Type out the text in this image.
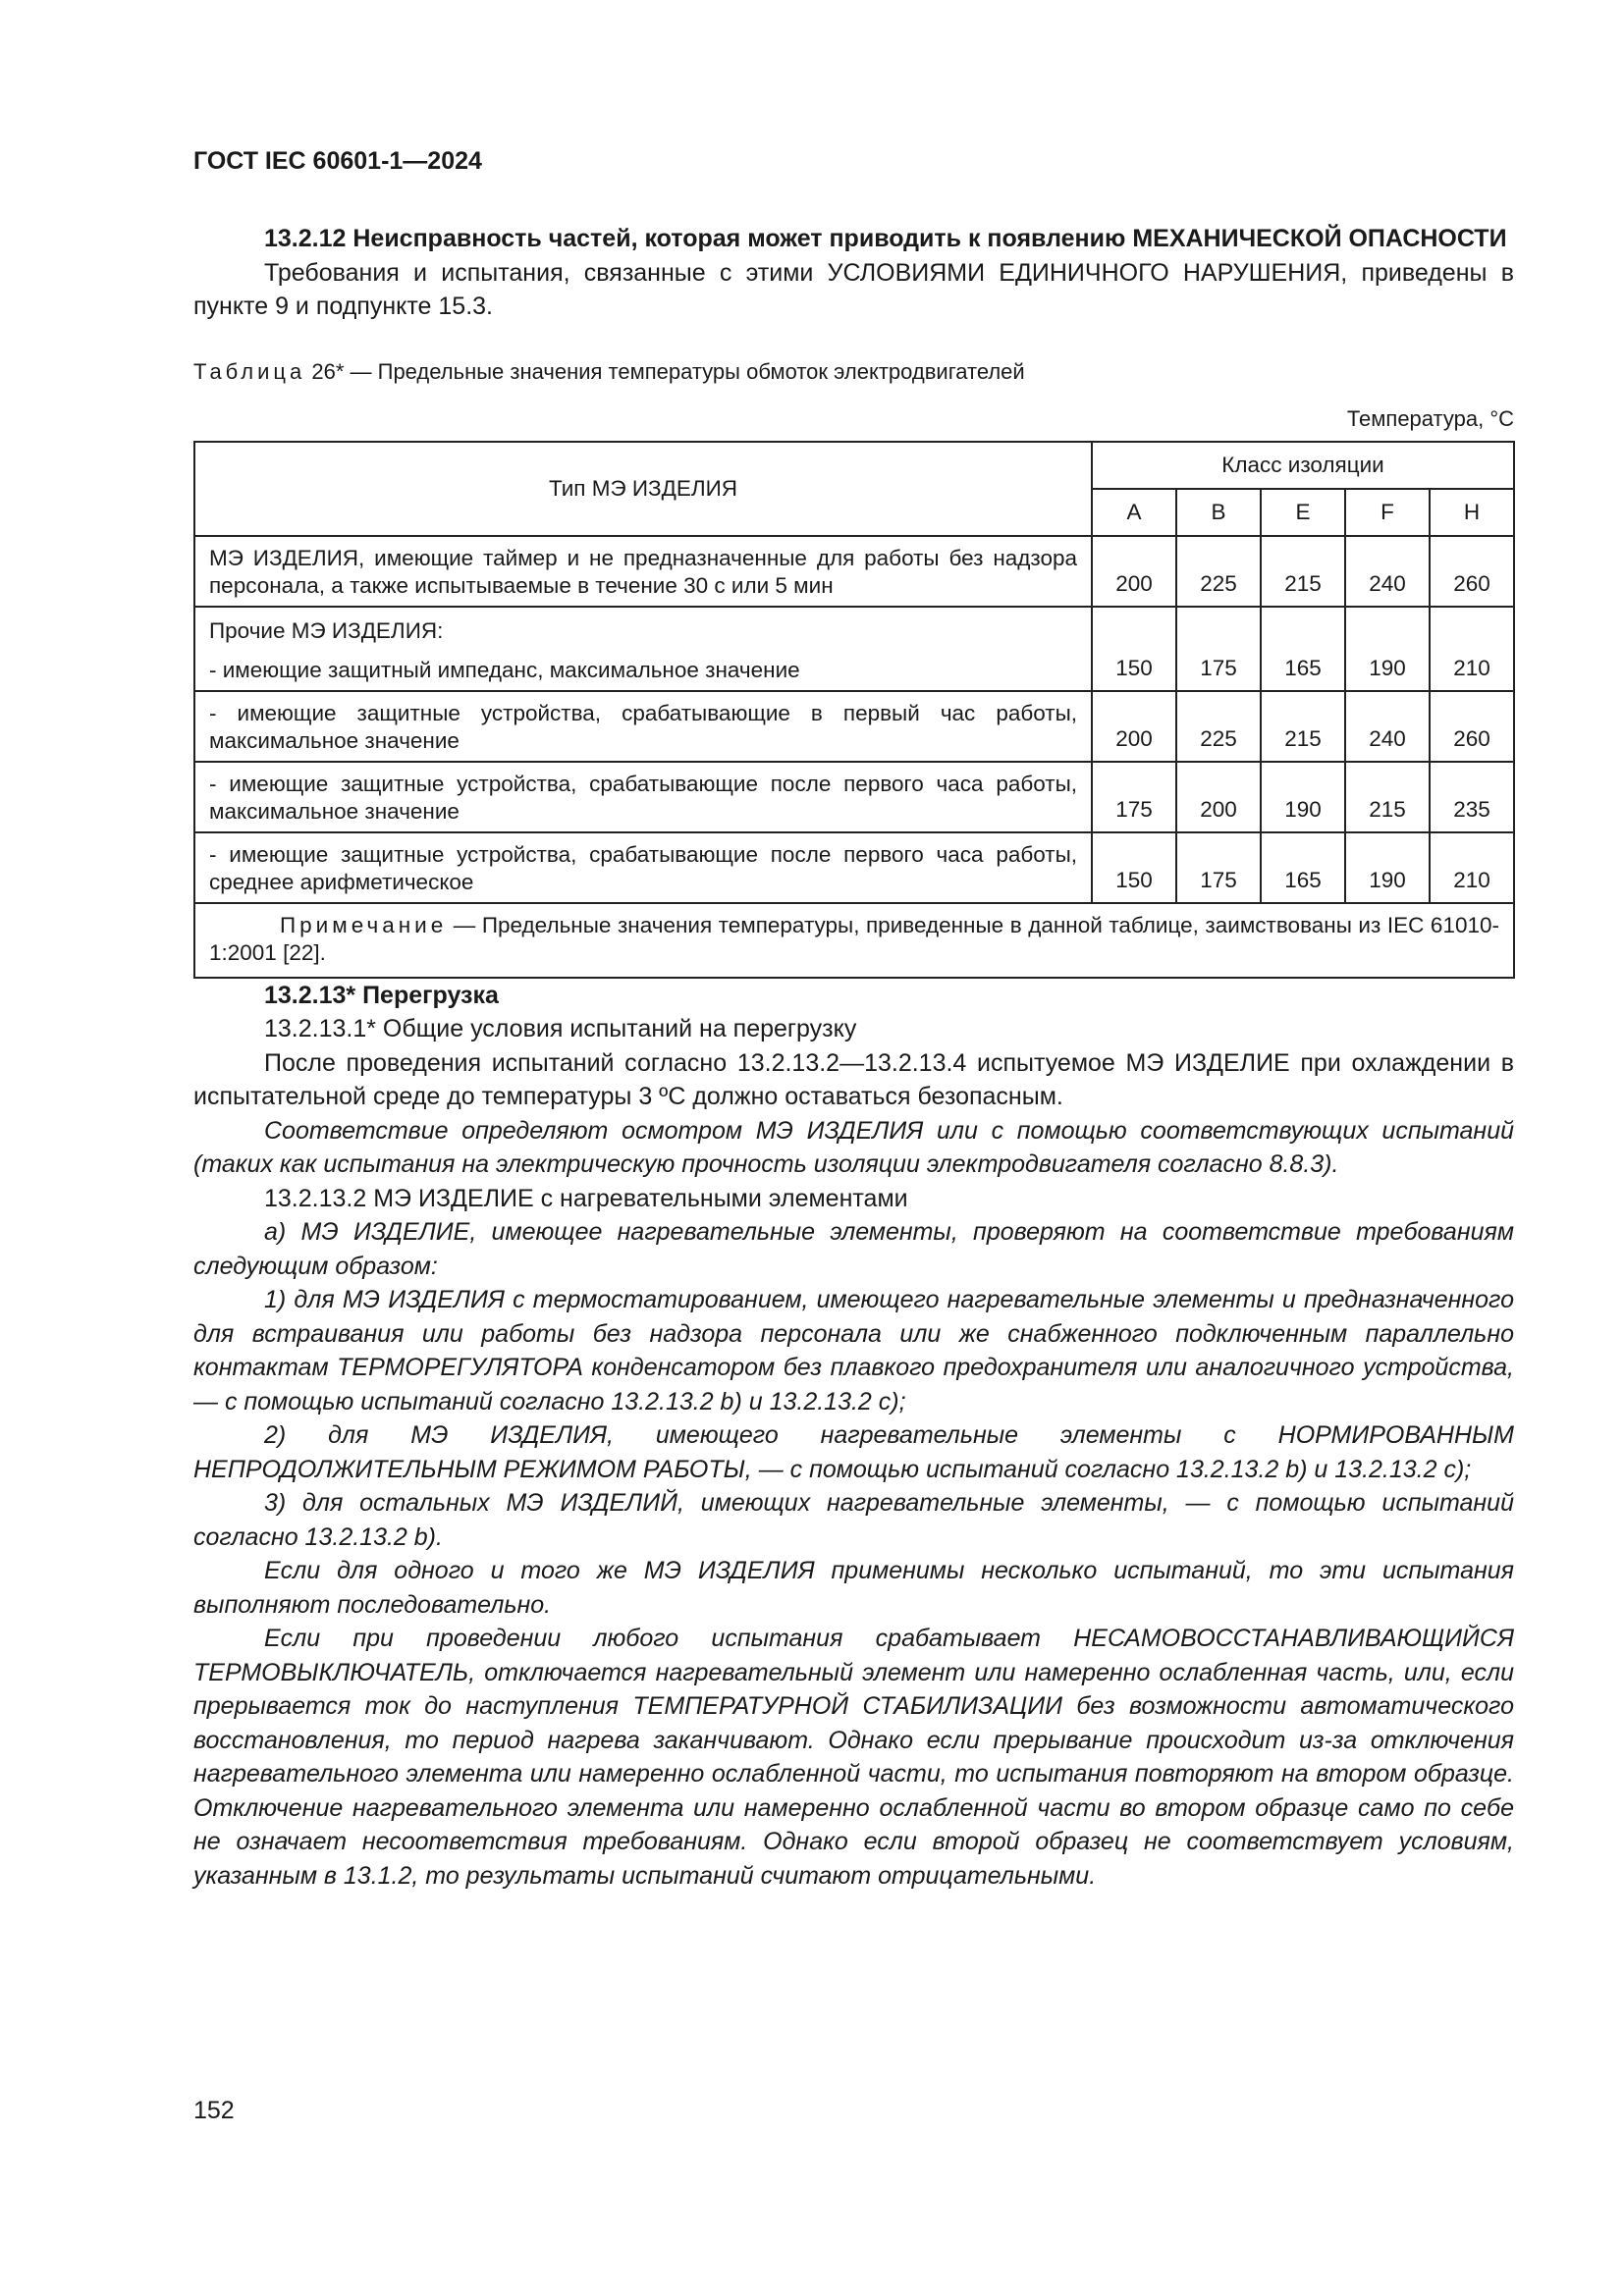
ГОСТ IEC 60601-1—2024

13.2.12 Неисправность частей, которая может приводить к появлению МЕХАНИЧЕСКОЙ ОПАСНОСТИ

Требования и испытания, связанные с этими УСЛОВИЯМИ ЕДИНИЧНОГО НАРУШЕНИЯ, приведены в пункте 9 и подпункте 15.3.

Таблица 26* — Предельные значения температуры обмоток электродвигателей
Температура, °С
Тип МЭ ИЗДЕЛИЯ	Класс изоляции				
	A	B	E	F	H
МЭ ИЗДЕЛИЯ, имеющие таймер и не предназначенные для работы без надзора персонала, а также испытываемые в течение 30 с или 5 мин	200	225	215	240	260
Прочие МЭ ИЗДЕЛИЯ:					
- имеющие защитный импеданс, максимальное значение	150	175	165	190	210
- имеющие защитные устройства, срабатывающие в первый час работы, максимальное значение	200	225	215	240	260
- имеющие защитные устройства, срабатывающие после первого часа работы, максимальное значение	175	200	190	215	235
- имеющие защитные устройства, срабатывающие после первого часа работы, среднее арифметическое	150	175	165	190	210

Примечание — Предельные значения температуры, приведенные в данной таблице, заимствованы из IEC 61010-1:2001 [22].					

13.2.13* Перегрузка

13.2.13.1* Общие условия испытаний на перегрузку

После проведения испытаний согласно 13.2.13.2—13.2.13.4 испытуемое МЭ ИЗДЕЛИЕ при охлаждении в испытательной среде до температуры 3 ºС должно оставаться безопасным.

Соответствие определяют осмотром МЭ ИЗДЕЛИЯ или с помощью соответствующих испытаний (таких как испытания на электрическую прочность изоляции электродвигателя согласно 8.8.3).

13.2.13.2 МЭ ИЗДЕЛИЕ с нагревательными элементами

а) МЭ ИЗДЕЛИЕ, имеющее нагревательные элементы, проверяют на соответствие требованиям следующим образом:

1) для МЭ ИЗДЕЛИЯ с термостатированием, имеющего нагревательные элементы и предназначенного для встраивания или работы без надзора персонала или же снабженного подключенным параллельно контактам ТЕРМОРЕГУЛЯТОРА конденсатором без плавкого предохранителя или аналогичного устройства, — с помощью испытаний согласно 13.2.13.2 b) и 13.2.13.2 c);

2) для МЭ ИЗДЕЛИЯ, имеющего нагревательные элементы с НОРМИРОВАННЫМ НЕПРОДОЛЖИТЕЛЬНЫМ РЕЖИМОМ РАБОТЫ, — с помощью испытаний согласно 13.2.13.2 b) и 13.2.13.2 c);

3) для остальных МЭ ИЗДЕЛИЙ, имеющих нагревательные элементы, — с помощью испытаний согласно 13.2.13.2 b).

Если для одного и того же МЭ ИЗДЕЛИЯ применимы несколько испытаний, то эти испытания выполняют последовательно.

Если при проведении любого испытания срабатывает НЕСАМОВОССТАНАВЛИВАЮЩИЙСЯ ТЕРМОВЫКЛЮЧАТЕЛЬ, отключается нагревательный элемент или намеренно ослабленная часть, или, если прерывается ток до наступления ТЕМПЕРАТУРНОЙ СТАБИЛИЗАЦИИ без возможности автоматического восстановления, то период нагрева заканчивают. Однако если прерывание происходит из-за отключения нагревательного элемента или намеренно ослабленной части, то испытания повторяют на втором образце. Отключение нагревательного элемента или намеренно ослабленной части во втором образце само по себе не означает несоответствия требованиям. Однако если второй образец не соответствует условиям, указанным в 13.1.2, то результаты испытаний считают отрицательными.

152
